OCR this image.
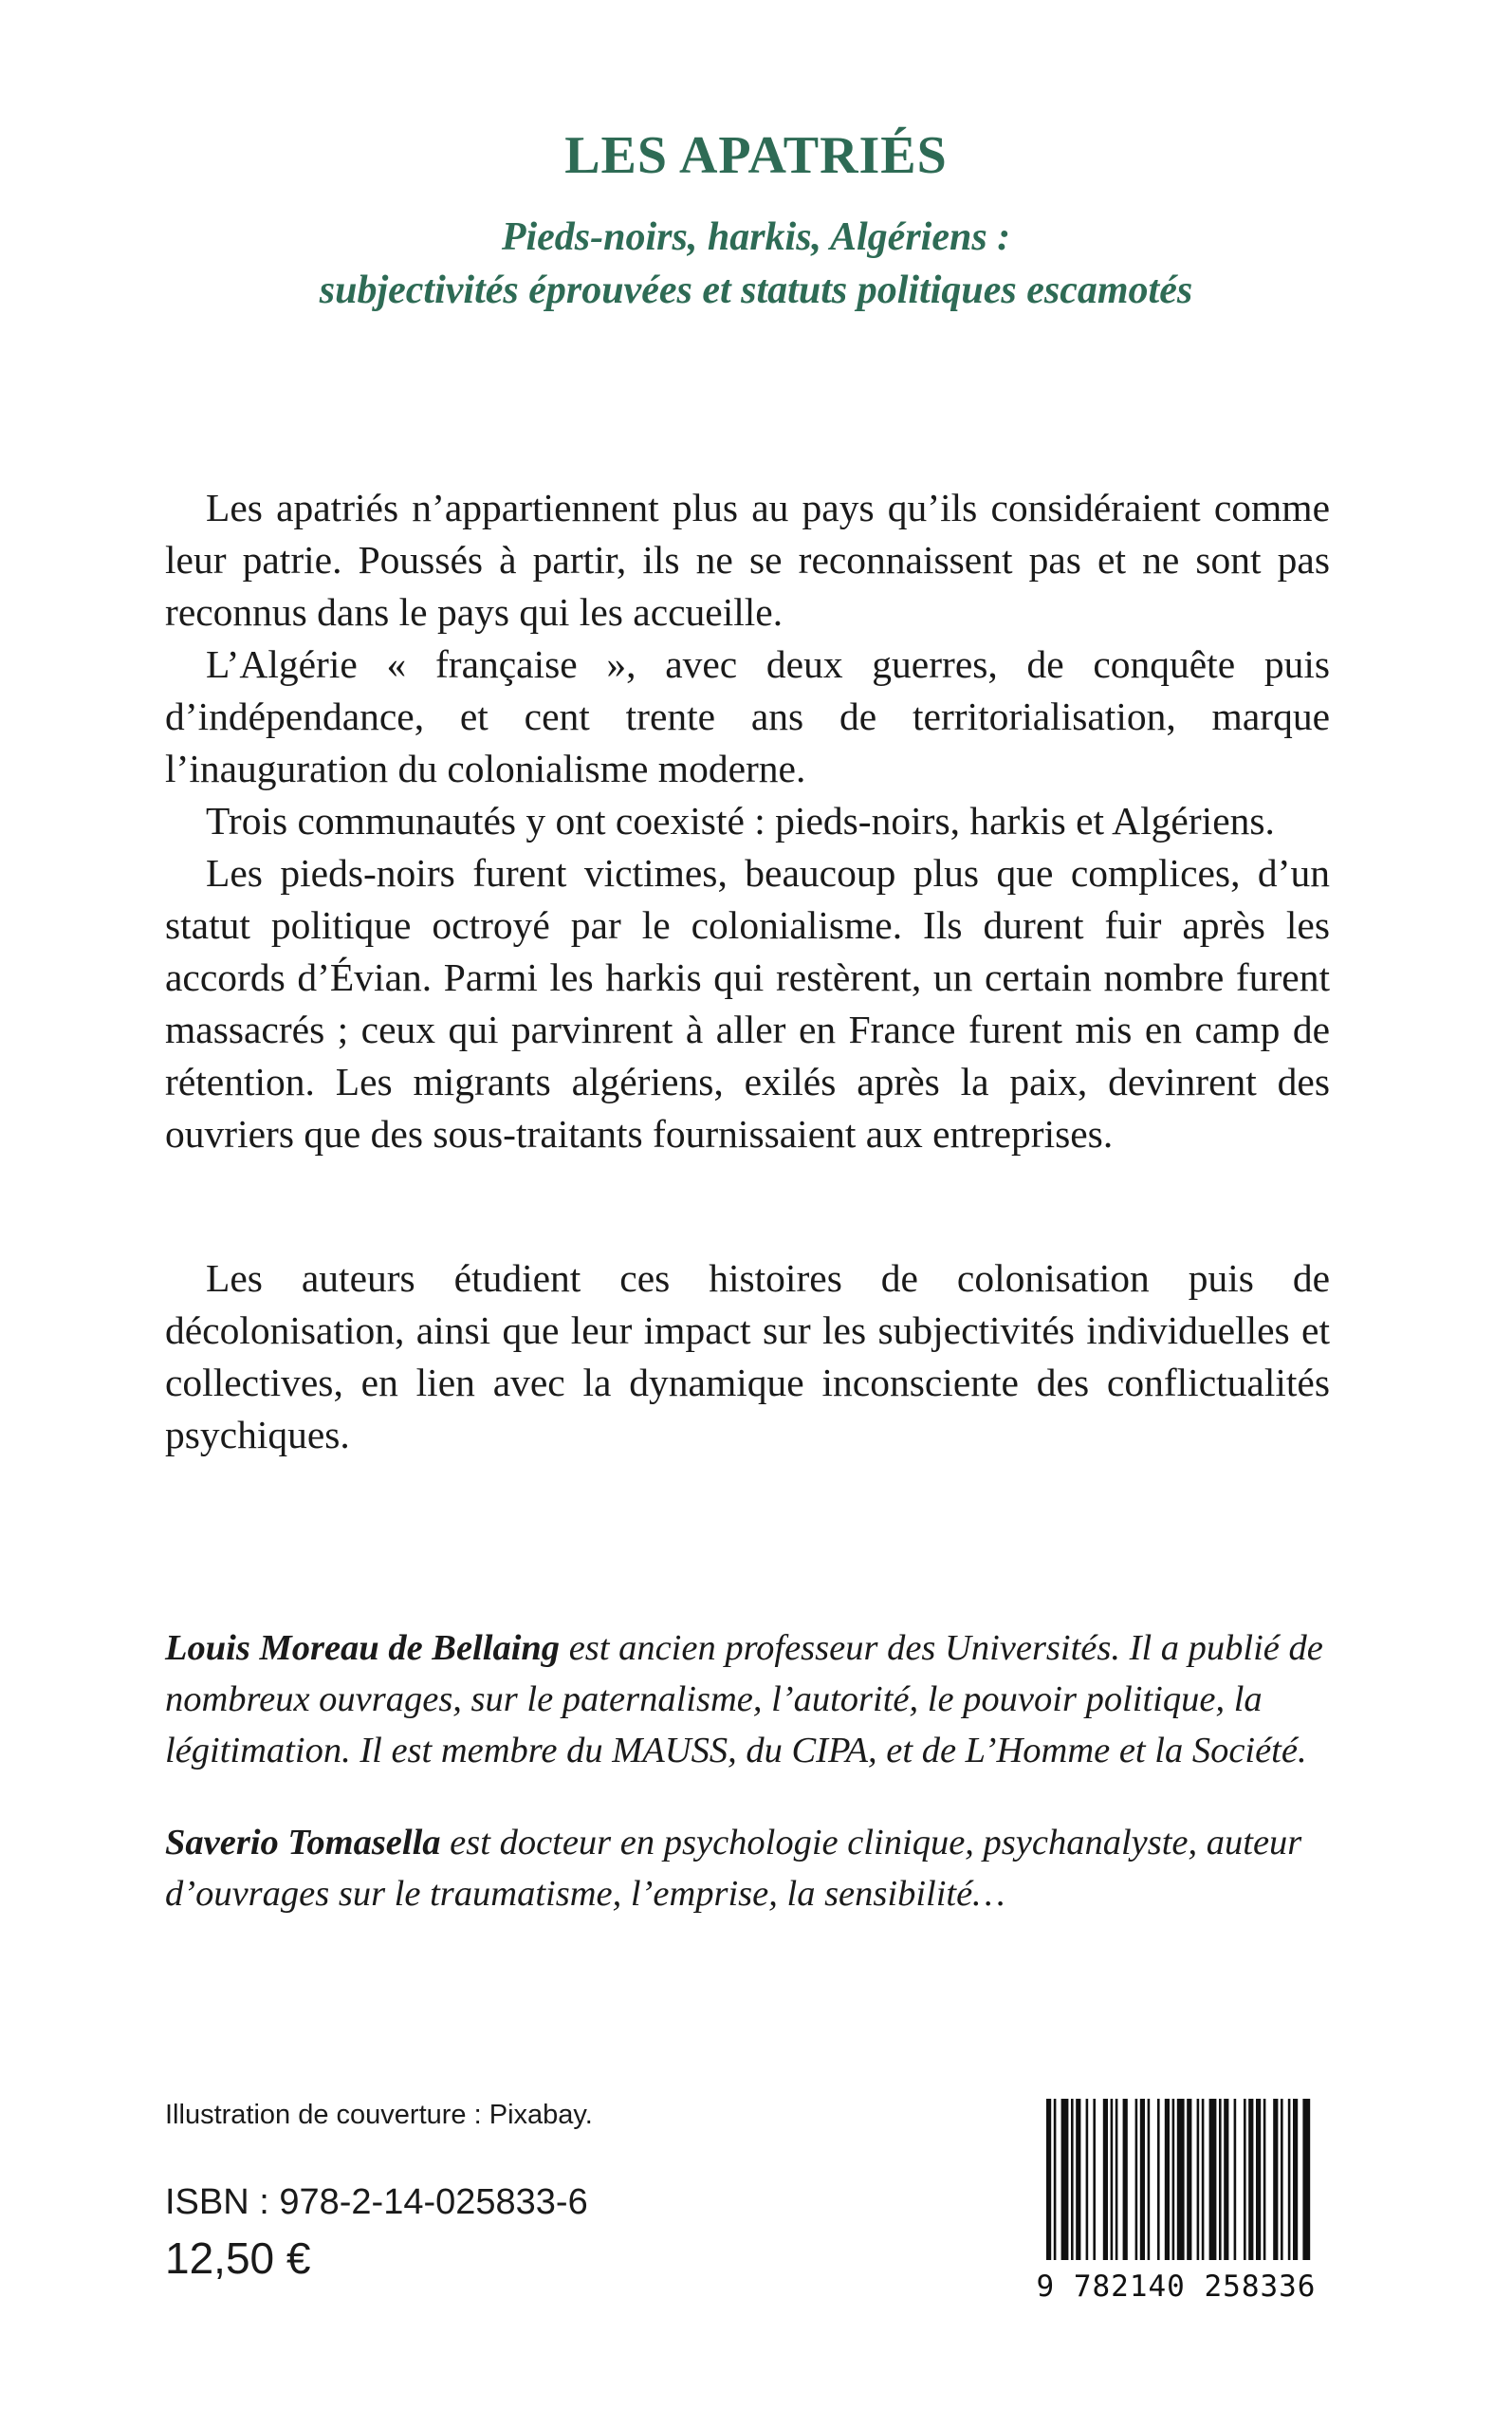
LES APATRIÉS
Pieds-noirs, harkis, Algériens :
subjectivités éprouvées et statuts politiques escamotés

Les apatriés n’appartiennent plus au pays qu’ils considéraient comme leur patrie. Poussés à partir, ils ne se reconnaissent pas et ne sont pas reconnus dans le pays qui les accueille.

L’Algérie « française », avec deux guerres, de conquête puis d’indépendance, et cent trente ans de territorialisation, marque l’inauguration du colonialisme moderne.

Trois communautés y ont coexisté : pieds-noirs, harkis et Algériens.

Les pieds-noirs furent victimes, beaucoup plus que complices, d’un statut politique octroyé par le colonialisme. Ils durent fuir après les accords d’Évian. Parmi les harkis qui restèrent, un certain nombre furent massacrés ; ceux qui parvinrent à aller en France furent mis en camp de rétention. Les migrants algériens, exilés après la paix, devinrent des ouvriers que des sous-traitants fournissaient aux entreprises.

Les auteurs étudient ces histoires de colonisation puis de décolonisation, ainsi que leur impact sur les subjectivités individuelles et collectives, en lien avec la dynamique inconsciente des conflictualités psychiques.

Louis Moreau de Bellaing est ancien professeur des Universités. Il a publié de nombreux ouvrages, sur le paternalisme, l’autorité, le pouvoir politique, la légitimation. Il est membre du MAUSS, du CIPA, et de L’Homme et la Société.

Saverio Tomasella est docteur en psychologie clinique, psychanalyste, auteur d’ouvrages sur le traumatisme, l’emprise, la sensibilité…

Illustration de couverture : Pixabay.

ISBN : 978-2-14-025833-6

12,50 €

9 782140 258336
